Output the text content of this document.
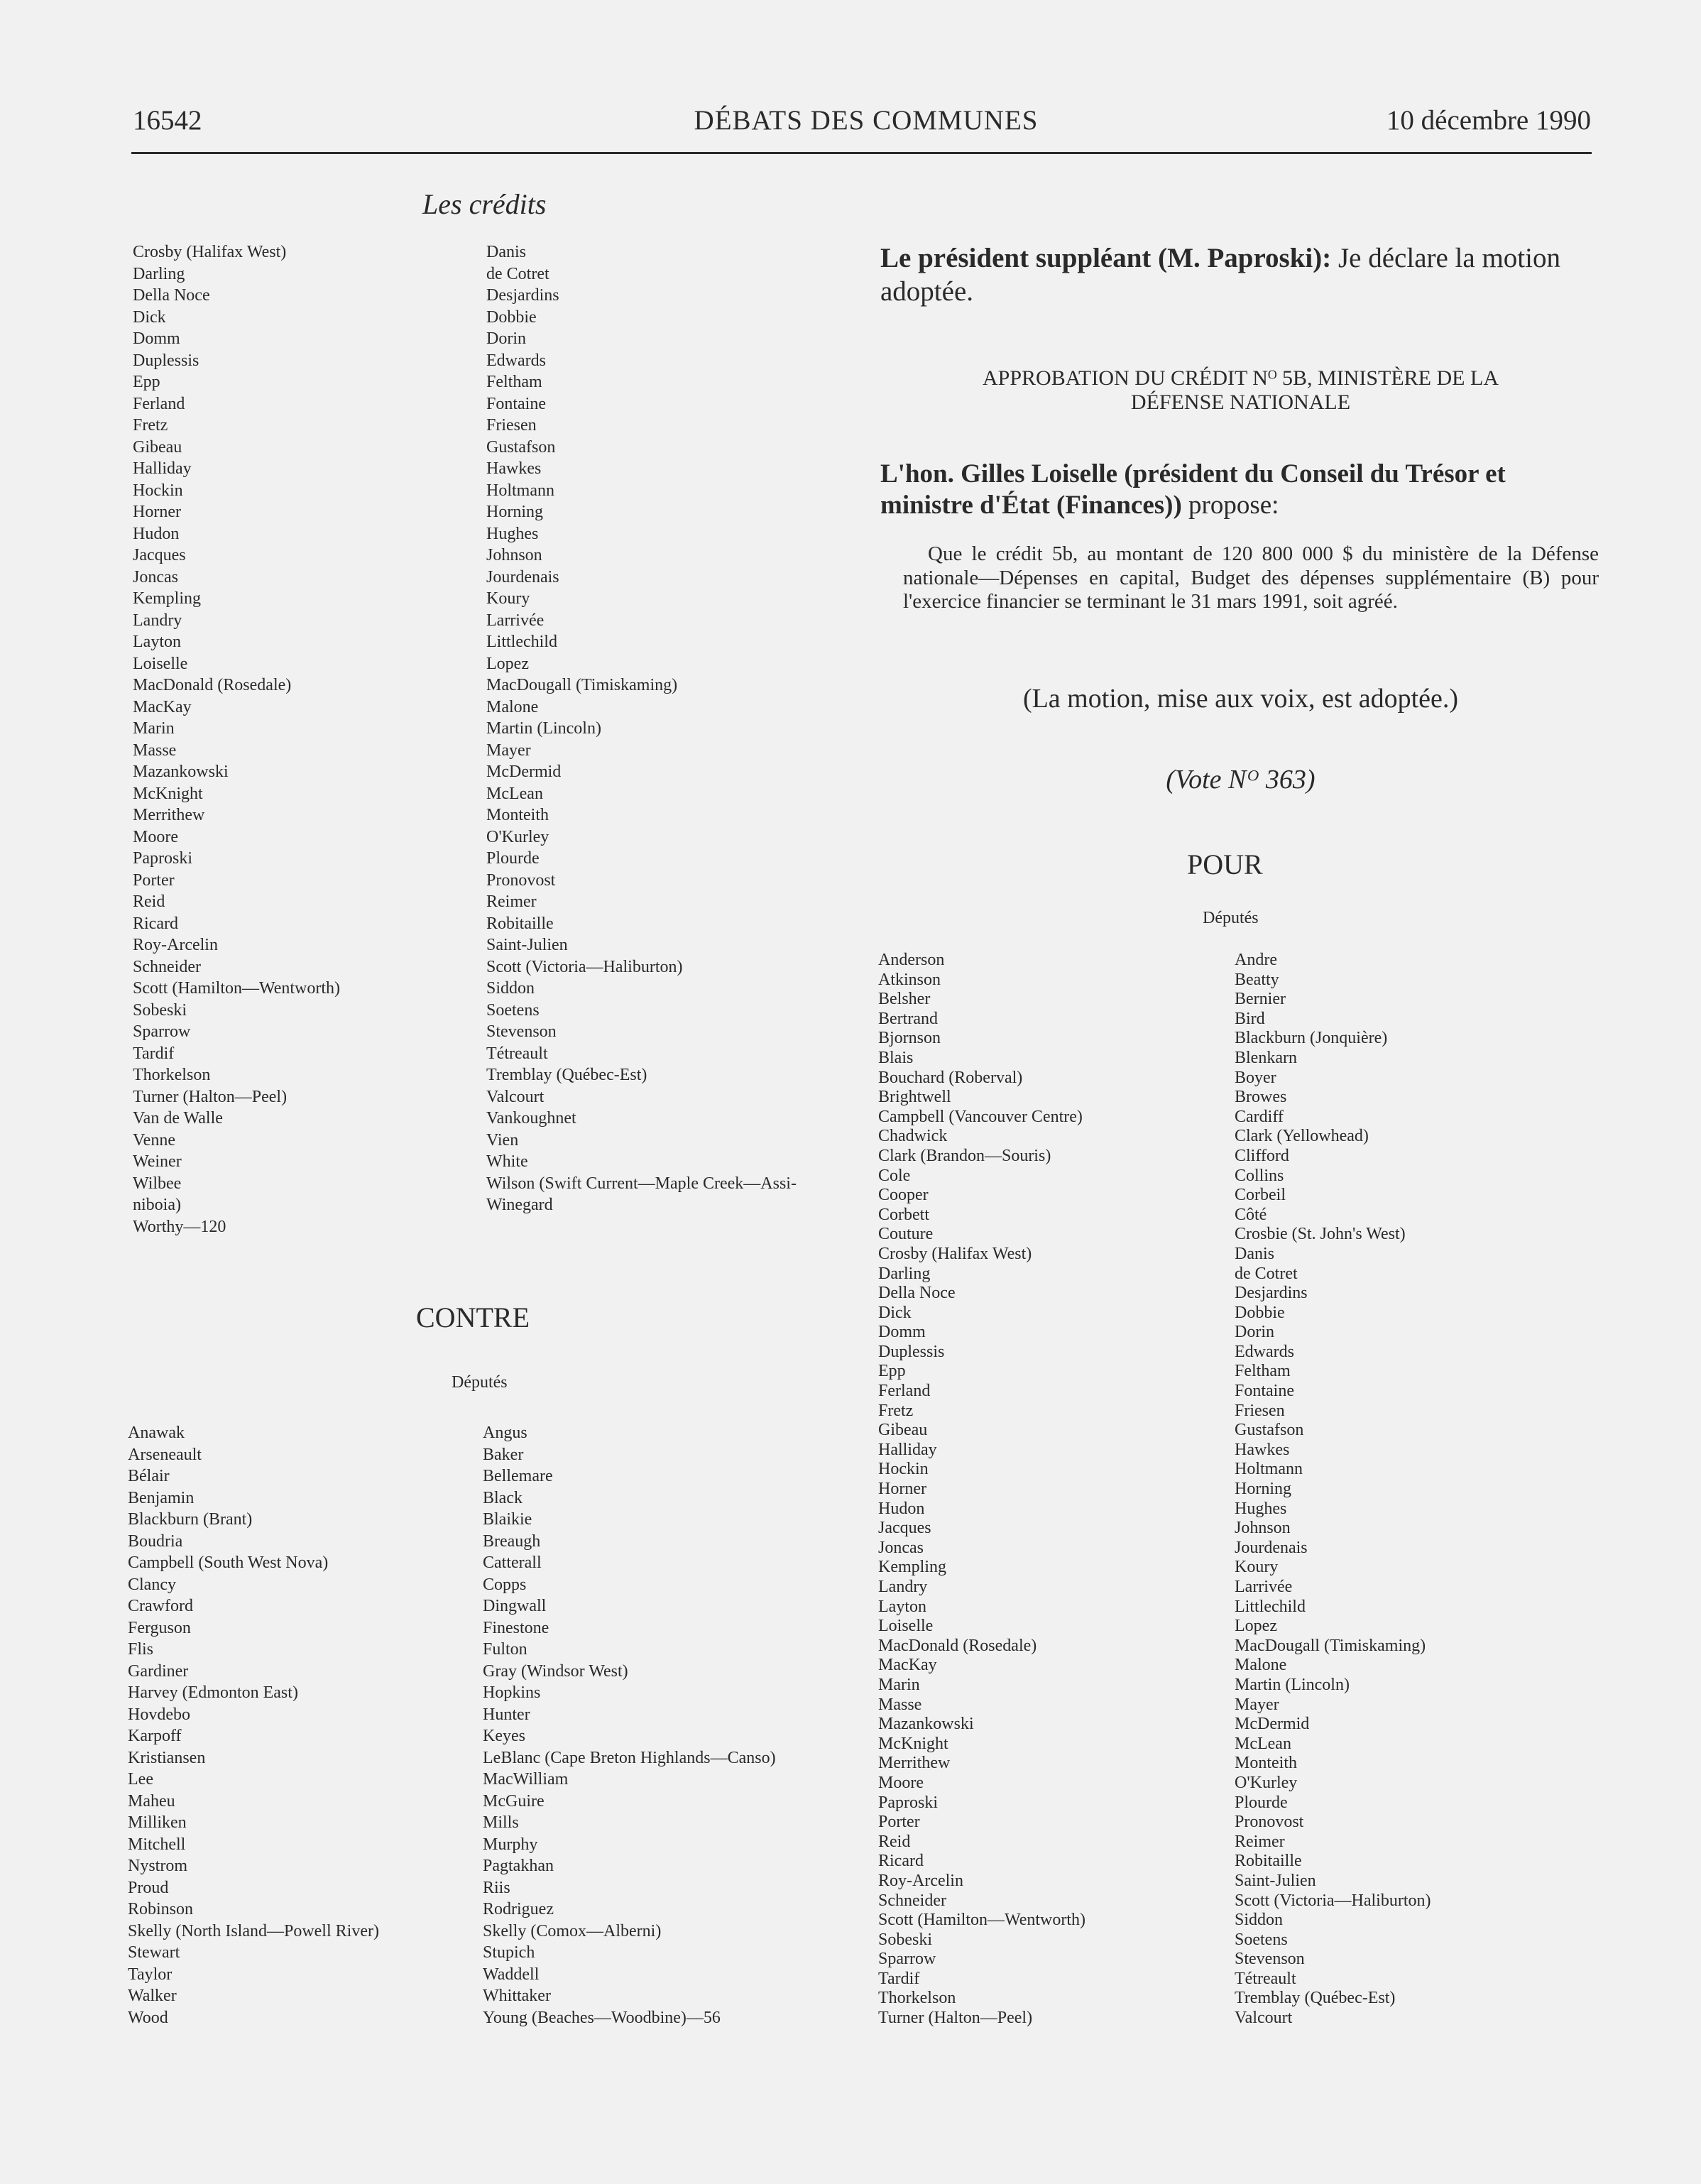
16542	DÉBATS DES COMMUNES	10 décembre 1990
Les crédits
Crosby (Halifax West)
Darling
Della Noce
Dick
Domm
Duplessis
Epp
Ferland
Fretz
Gibeau
Halliday
Hockin
Horner
Hudon
Jacques
Joncas
Kempling
Landry
Layton
Loiselle
MacDonald (Rosedale)
MacKay
Marin
Masse
Mazankowski
McKnight
Merrithew
Moore
Paproski
Porter
Reid
Ricard
Roy-Arcelin
Schneider
Scott (Hamilton—Wentworth)
Sobeski
Sparrow
Tardif
Thorkelson
Turner (Halton—Peel)
Van de Walle
Venne
Weiner
Wilbee
niboia)
Worthy—120
Danis
de Cotret
Desjardins
Dobbie
Dorin
Edwards
Feltham
Fontaine
Friesen
Gustafson
Hawkes
Holtmann
Horning
Hughes
Johnson
Jourdenais
Koury
Larrivée
Littlechild
Lopez
MacDougall (Timiskaming)
Malone
Martin (Lincoln)
Mayer
McDermid
McLean
Monteith
O'Kurley
Plourde
Pronovost
Reimer
Robitaille
Saint-Julien
Scott (Victoria—Haliburton)
Siddon
Soetens
Stevenson
Tétreault
Tremblay (Québec-Est)
Valcourt
Vankoughnet
Vien
White
Wilson (Swift Current—Maple Creek—Assi-
Winegard
CONTRE
Députés
Anawak
Arseneault
Bélair
Benjamin
Blackburn (Brant)
Boudria
Campbell (South West Nova)
Clancy
Crawford
Ferguson
Flis
Gardiner
Harvey (Edmonton East)
Hovdebo
Karpoff
Kristiansen
Lee
Maheu
Milliken
Mitchell
Nystrom
Proud
Robinson
Skelly (North Island—Powell River)
Stewart
Taylor
Walker
Wood
Angus
Baker
Bellemare
Black
Blaikie
Breaugh
Catterall
Copps
Dingwall
Finestone
Fulton
Gray (Windsor West)
Hopkins
Hunter
Keyes
LeBlanc (Cape Breton Highlands—Canso)
MacWilliam
McGuire
Mills
Murphy
Pagtakhan
Riis
Rodriguez
Skelly (Comox—Alberni)
Stupich
Waddell
Whittaker
Young (Beaches—Woodbine)—56
Le président suppléant (M. Paproski): Je déclare la motion adoptée.
APPROBATION DU CRÉDIT Nᴼ 5B, MINISTÈRE DE LA
DÉFENSE NATIONALE
L'hon. Gilles Loiselle (président du Conseil du Trésor et ministre d'État (Finances)) propose:
Que le crédit 5b, au montant de 120 800 000 $ du ministère de la Défense nationale—Dépenses en capital, Budget des dépenses supplémentaire (B) pour l'exercice financier se terminant le 31 mars 1991, soit agréé.
(La motion, mise aux voix, est adoptée.)
(Vote Nᴼ 363)
POUR
Députés
Anderson
Atkinson
Belsher
Bertrand
Bjornson
Blais
Bouchard (Roberval)
Brightwell
Campbell (Vancouver Centre)
Chadwick
Clark (Brandon—Souris)
Cole
Cooper
Corbett
Couture
Crosby (Halifax West)
Darling
Della Noce
Dick
Domm
Duplessis
Epp
Ferland
Fretz
Gibeau
Halliday
Hockin
Horner
Hudon
Jacques
Joncas
Kempling
Landry
Layton
Loiselle
MacDonald (Rosedale)
MacKay
Marin
Masse
Mazankowski
McKnight
Merrithew
Moore
Paproski
Porter
Reid
Ricard
Roy-Arcelin
Schneider
Scott (Hamilton—Wentworth)
Sobeski
Sparrow
Tardif
Thorkelson
Turner (Halton—Peel)
Andre
Beatty
Bernier
Bird
Blackburn (Jonquière)
Blenkarn
Boyer
Browes
Cardiff
Clark (Yellowhead)
Clifford
Collins
Corbeil
Côté
Crosbie (St. John's West)
Danis
de Cotret
Desjardins
Dobbie
Dorin
Edwards
Feltham
Fontaine
Friesen
Gustafson
Hawkes
Holtmann
Horning
Hughes
Johnson
Jourdenais
Koury
Larrivée
Littlechild
Lopez
MacDougall (Timiskaming)
Malone
Martin (Lincoln)
Mayer
McDermid
McLean
Monteith
O'Kurley
Plourde
Pronovost
Reimer
Robitaille
Saint-Julien
Scott (Victoria—Haliburton)
Siddon
Soetens
Stevenson
Tétreault
Tremblay (Québec-Est)
Valcourt
